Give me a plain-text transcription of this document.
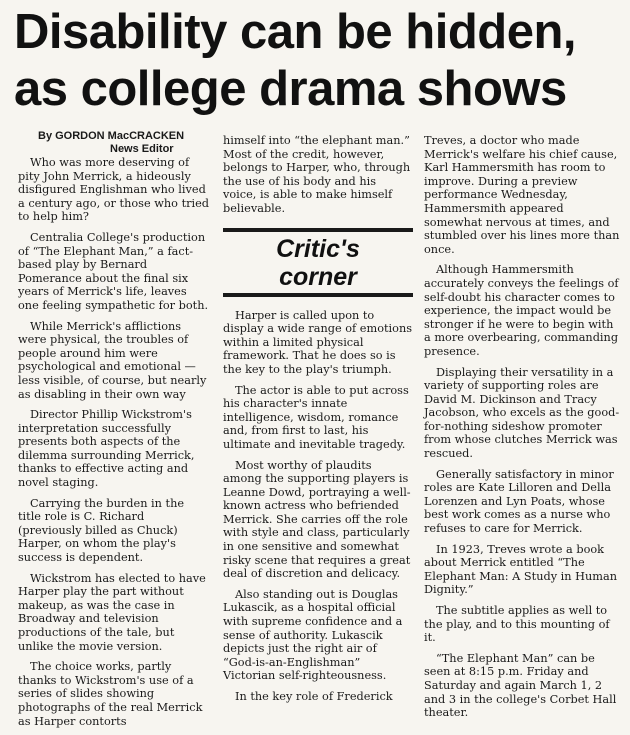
Disability can be hidden,
as college drama shows
By GORDON MacCRACKEN
News Editor

Who was more deserving of pity John Merrick, a hideously disfigured Englishman who lived a century ago, or those who tried to help him?

Centralia College's production of “The Elephant Man,” a fact-based play by Bernard Pomerance about the final six years of Merrick's life, leaves one feeling sympathetic for both.

While Merrick's afflictions were physical, the troubles of people around him were psychological and emotional — less visible, of course, but nearly as disabling in their own way

Director Phillip Wickstrom's interpretation successfully presents both aspects of the dilemma surrounding Merrick, thanks to effective acting and novel staging.

Carrying the burden in the title role is C. Richard (previously billed as Chuck) Harper, on whom the play's success is dependent.

Wickstrom has elected to have Harper play the part without makeup, as was the case in Broadway and television productions of the tale, but unlike the movie version.

The choice works, partly thanks to Wickstrom's use of a series of slides showing photographs of the real Merrick as Harper contorts

himself into “the elephant man.” Most of the credit, however, belongs to Harper, who, through the use of his body and his voice, is able to make himself believable.

Critic's
corner

Harper is called upon to display a wide range of emotions within a limited physical framework. That he does so is the key to the play's triumph.

The actor is able to put across his character's innate intelligence, wisdom, romance and, from first to last, his ultimate and inevitable tragedy.

Most worthy of plaudits among the supporting players is Leanne Dowd, portraying a well-known actress who befriended Merrick. She carries off the role with style and class, particularly in one sensitive and somewhat risky scene that requires a great deal of discretion and delicacy.

Also standing out is Douglas Lukascik, as a hospital official with supreme confidence and a sense of authority. Lukascik depicts just the right air of “God-is-an-Englishman” Victorian self-righteousness.

In the key role of Frederick

Treves, a doctor who made Merrick's welfare his chief cause, Karl Hammersmith has room to improve. During a preview performance Wednesday, Hammersmith appeared somewhat nervous at times, and stumbled over his lines more than once.

Although Hammersmith accurately conveys the feelings of self-doubt his character comes to experience, the impact would be stronger if he were to begin with a more overbearing, commanding presence.

Displaying their versatility in a variety of supporting roles are David M. Dickinson and Tracy Jacobson, who excels as the good-for-nothing sideshow promoter from whose clutches Merrick was rescued.

Generally satisfactory in minor roles are Kate Lilloren and Della Lorenzen and Lyn Poats, whose best work comes as a nurse who refuses to care for Merrick.

In 1923, Treves wrote a book about Merrick entitled “The Elephant Man: A Study in Human Dignity.”

The subtitle applies as well to the play, and to this mounting of it.

“The Elephant Man” can be seen at 8:15 p.m. Friday and Saturday and again March 1, 2 and 3 in the college's Corbet Hall theater.
